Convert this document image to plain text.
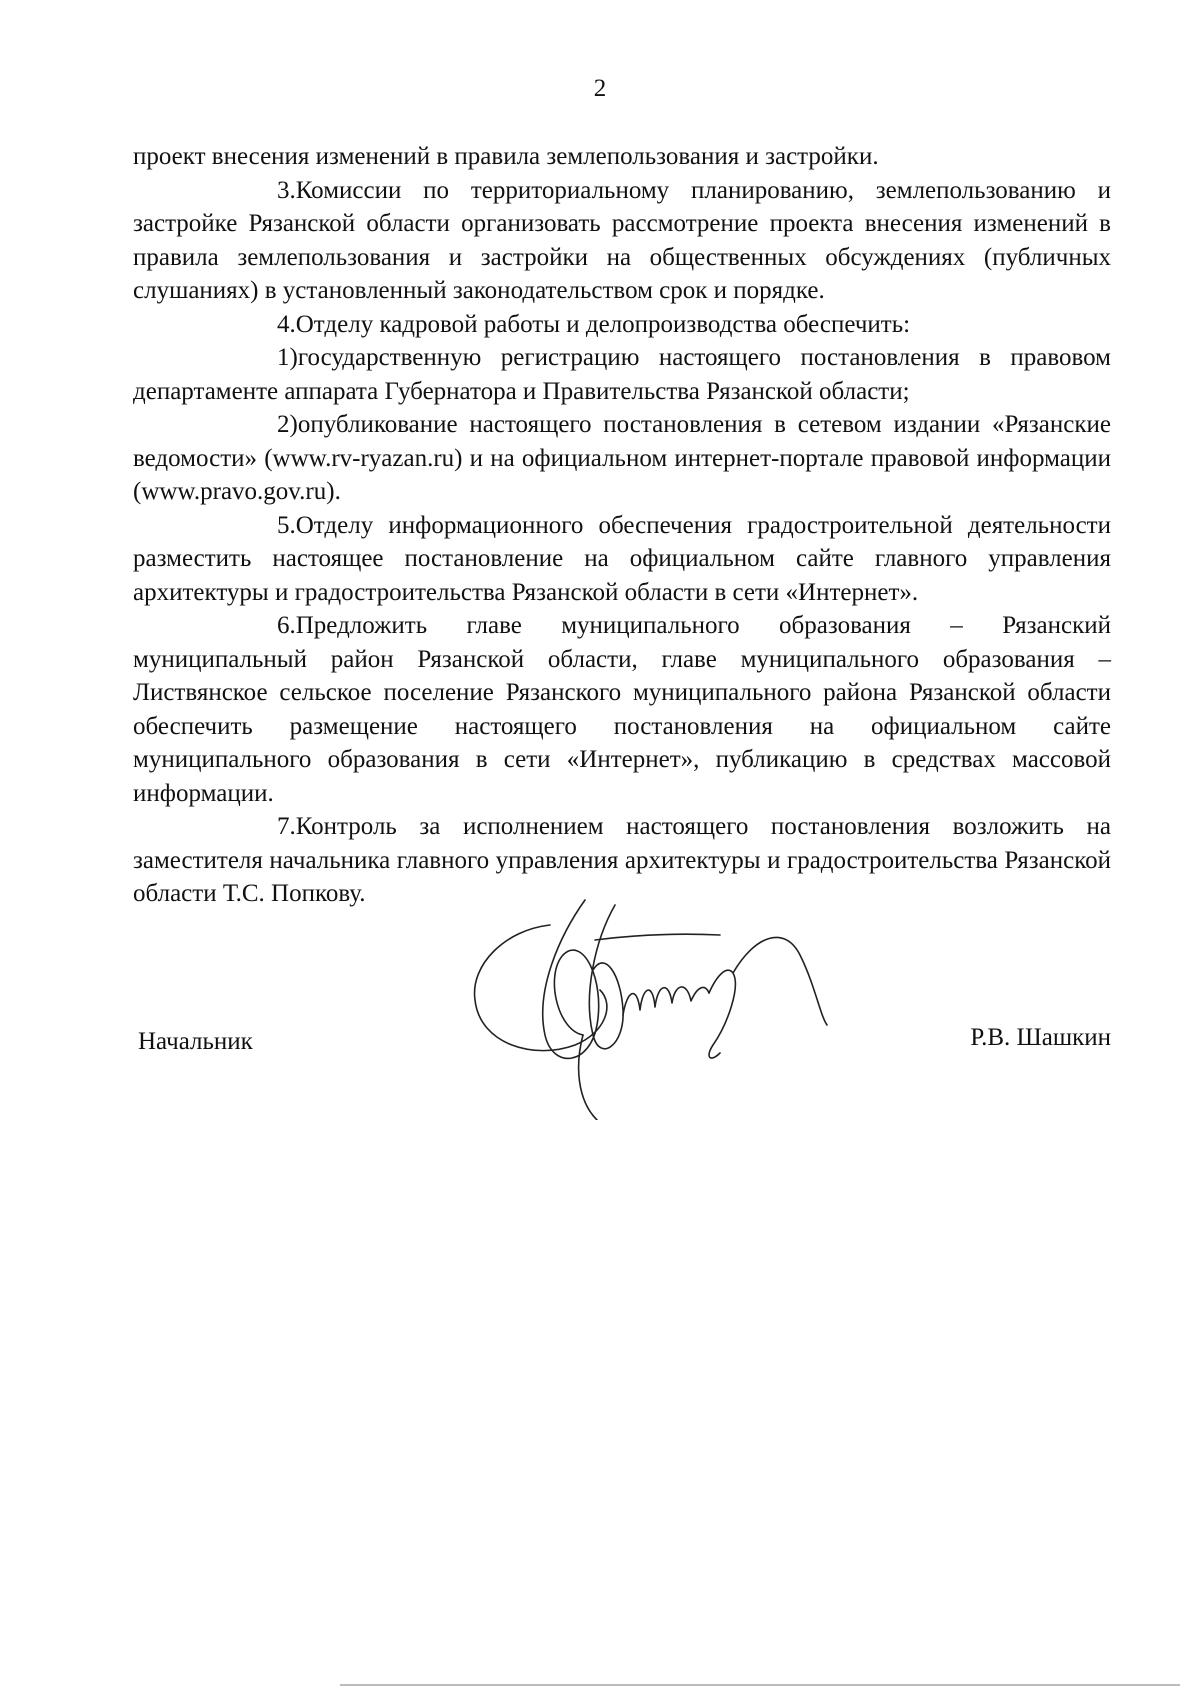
2

проект внесения изменений в правила землепользования и застройки.

3.Комиссии по территориальному планированию, землепользованию и застройке Рязанской области организовать рассмотрение проекта внесения изменений в правила землепользования и застройки на общественных обсуждениях (публичных слушаниях) в установленный законодательством срок и порядке.

4.Отделу кадровой работы и делопроизводства обеспечить:

1)государственную регистрацию настоящего постановления в правовом департаменте аппарата Губернатора и Правительства Рязанской области;

2)опубликование настоящего постановления в сетевом издании «Рязанские ведомости» (www.rv-ryazan.ru) и на официальном интернет-портале правовой информации (www.pravo.gov.ru).

5.Отделу информационного обеспечения градостроительной деятельности разместить настоящее постановление на официальном сайте главного управления архитектуры и градостроительства Рязанской области в сети «Интернет».

6.Предложить главе муниципального образования – Рязанский муниципальный район Рязанской области, главе муниципального образования – Листвянское сельское поселение Рязанского муниципального района Рязанской области обеспечить размещение настоящего постановления на официальном сайте муниципального образования в сети «Интернет», публикацию в средствах массовой информации.

7.Контроль за исполнением настоящего постановления возложить на заместителя начальника главного управления архитектуры и градостроительства Рязанской области Т.С. Попкову.

Начальник	Р.В. Шашкин
